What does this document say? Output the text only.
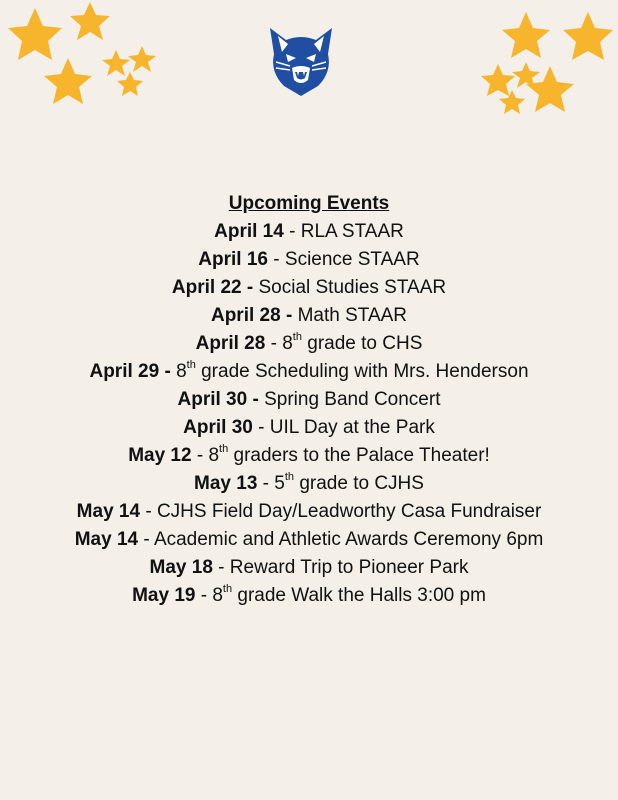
Upcoming Events
April 14 - RLA STAAR
April 16 - Science STAAR
April 22 - Social Studies STAAR
April 28 - Math STAAR
April 28 - 8th grade to CHS
April 29 - 8th grade Scheduling with Mrs. Henderson
April 30 - Spring Band Concert
April 30 - UIL Day at the Park
May 12 - 8th graders to the Palace Theater!
May 13 - 5th grade to CJHS
May 14 - CJHS Field Day/Leadworthy Casa Fundraiser
May 14 - Academic and Athletic Awards Ceremony 6pm
May 18 - Reward Trip to Pioneer Park
May 19 - 8th grade Walk the Halls 3:00 pm
